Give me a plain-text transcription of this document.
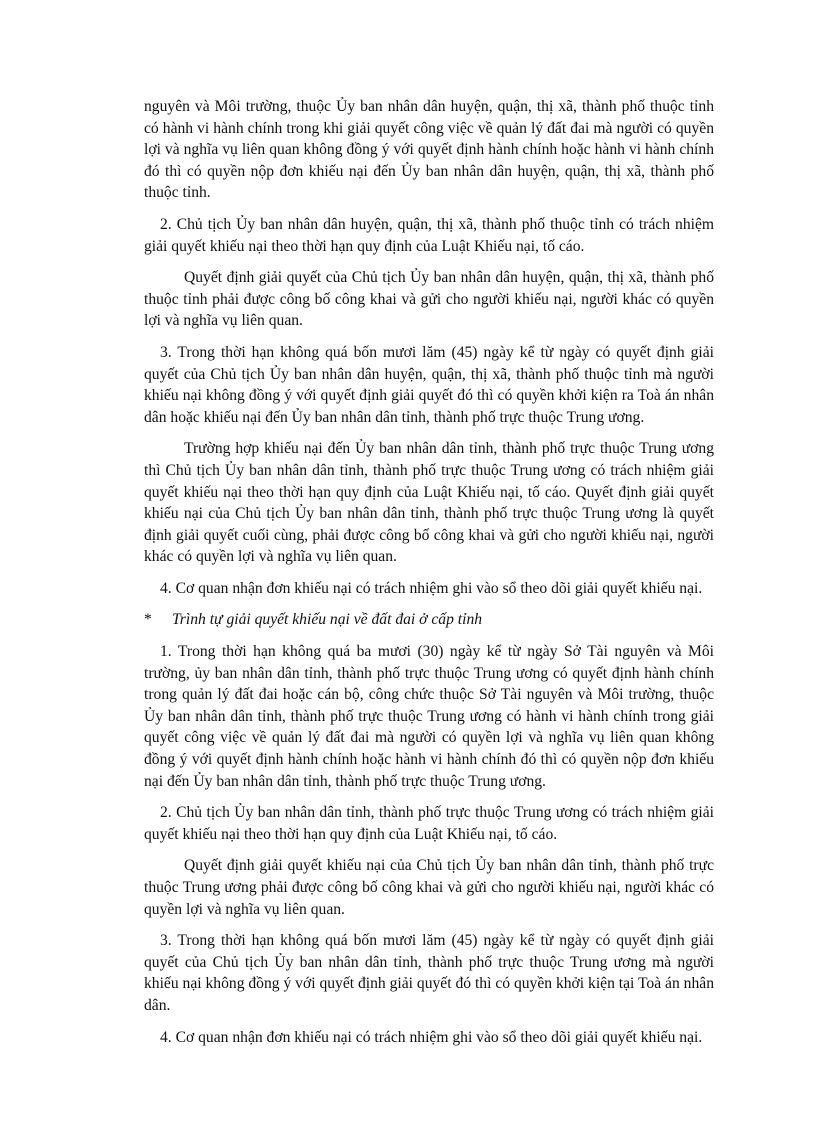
nguyên và Môi trường, thuộc Ủy ban nhân dân huyện, quận, thị xã, thành phố thuộc tỉnh có hành vi hành chính trong khi giải quyết công việc về quản lý đất đai mà người có quyền lợi và nghĩa vụ liên quan không đồng ý với quyết định hành chính hoặc hành vi hành chính đó thì có quyền nộp đơn khiếu nại đến Ủy ban nhân dân huyện, quận, thị xã, thành phố thuộc tỉnh.

2. Chủ tịch Ủy ban nhân dân huyện, quận, thị xã, thành phố thuộc tỉnh có trách nhiệm giải quyết khiếu nại theo thời hạn quy định của Luật Khiếu nại, tố cáo.

Quyết định giải quyết của Chủ tịch Ủy ban nhân dân huyện, quận, thị xã, thành phố thuộc tỉnh phải được công bố công khai và gửi cho người khiếu nại, người khác có quyền lợi và nghĩa vụ liên quan.

3. Trong thời hạn không quá bốn mươi lăm (45) ngày kể từ ngày có quyết định giải quyết của Chủ tịch Ủy ban nhân dân huyện, quận, thị xã, thành phố thuộc tỉnh mà người khiếu nại không đồng ý với quyết định giải quyết đó thì có quyền khởi kiện ra Toà án nhân dân hoặc khiếu nại đến Ủy ban nhân dân tỉnh, thành phố trực thuộc Trung ương.

Trường hợp khiếu nại đến Ủy ban nhân dân tỉnh, thành phố trực thuộc Trung ương thì Chủ tịch Ủy ban nhân dân tỉnh, thành phố trực thuộc Trung ương có trách nhiệm giải quyết khiếu nại theo thời hạn quy định của Luật Khiếu nại, tố cáo. Quyết định giải quyết khiếu nại của Chủ tịch Ủy ban nhân dân tỉnh, thành phố trực thuộc Trung ương là quyết định giải quyết cuối cùng, phải được công bố công khai và gửi cho người khiếu nại, người khác có quyền lợi và nghĩa vụ liên quan.

4. Cơ quan nhận đơn khiếu nại có trách nhiệm ghi vào sổ theo dõi giải quyết khiếu nại.

* Trình tự giải quyết khiếu nại về đất đai ở cấp tỉnh

1. Trong thời hạn không quá ba mươi (30) ngày kể từ ngày Sở Tài nguyên và Môi trường, ủy ban nhân dân tỉnh, thành phố trực thuộc Trung ương có quyết định hành chính trong quản lý đất đai hoặc cán bộ, công chức thuộc Sở Tài nguyên và Môi trường, thuộc Ủy ban nhân dân tỉnh, thành phố trực thuộc Trung ương có hành vi hành chính trong giải quyết công việc về quản lý đất đai mà người có quyền lợi và nghĩa vụ liên quan không đồng ý với quyết định hành chính hoặc hành vi hành chính đó thì có quyền nộp đơn khiếu nại đến Ủy ban nhân dân tỉnh, thành phố trực thuộc Trung ương.

2. Chủ tịch Ủy ban nhân dân tỉnh, thành phố trực thuộc Trung ương có trách nhiệm giải quyết khiếu nại theo thời hạn quy định của Luật Khiếu nại, tố cáo.

Quyết định giải quyết khiếu nại của Chủ tịch Ủy ban nhân dân tỉnh, thành phố trực thuộc Trung ương phải được công bố công khai và gửi cho người khiếu nại, người khác có quyền lợi và nghĩa vụ liên quan.

3. Trong thời hạn không quá bốn mươi lăm (45) ngày kể từ ngày có quyết định giải quyết của Chủ tịch Ủy ban nhân dân tỉnh, thành phố trực thuộc Trung ương mà người khiếu nại không đồng ý với quyết định giải quyết đó thì có quyền khởi kiện tại Toà án nhân dân.

4. Cơ quan nhận đơn khiếu nại có trách nhiệm ghi vào sổ theo dõi giải quyết khiếu nại.
